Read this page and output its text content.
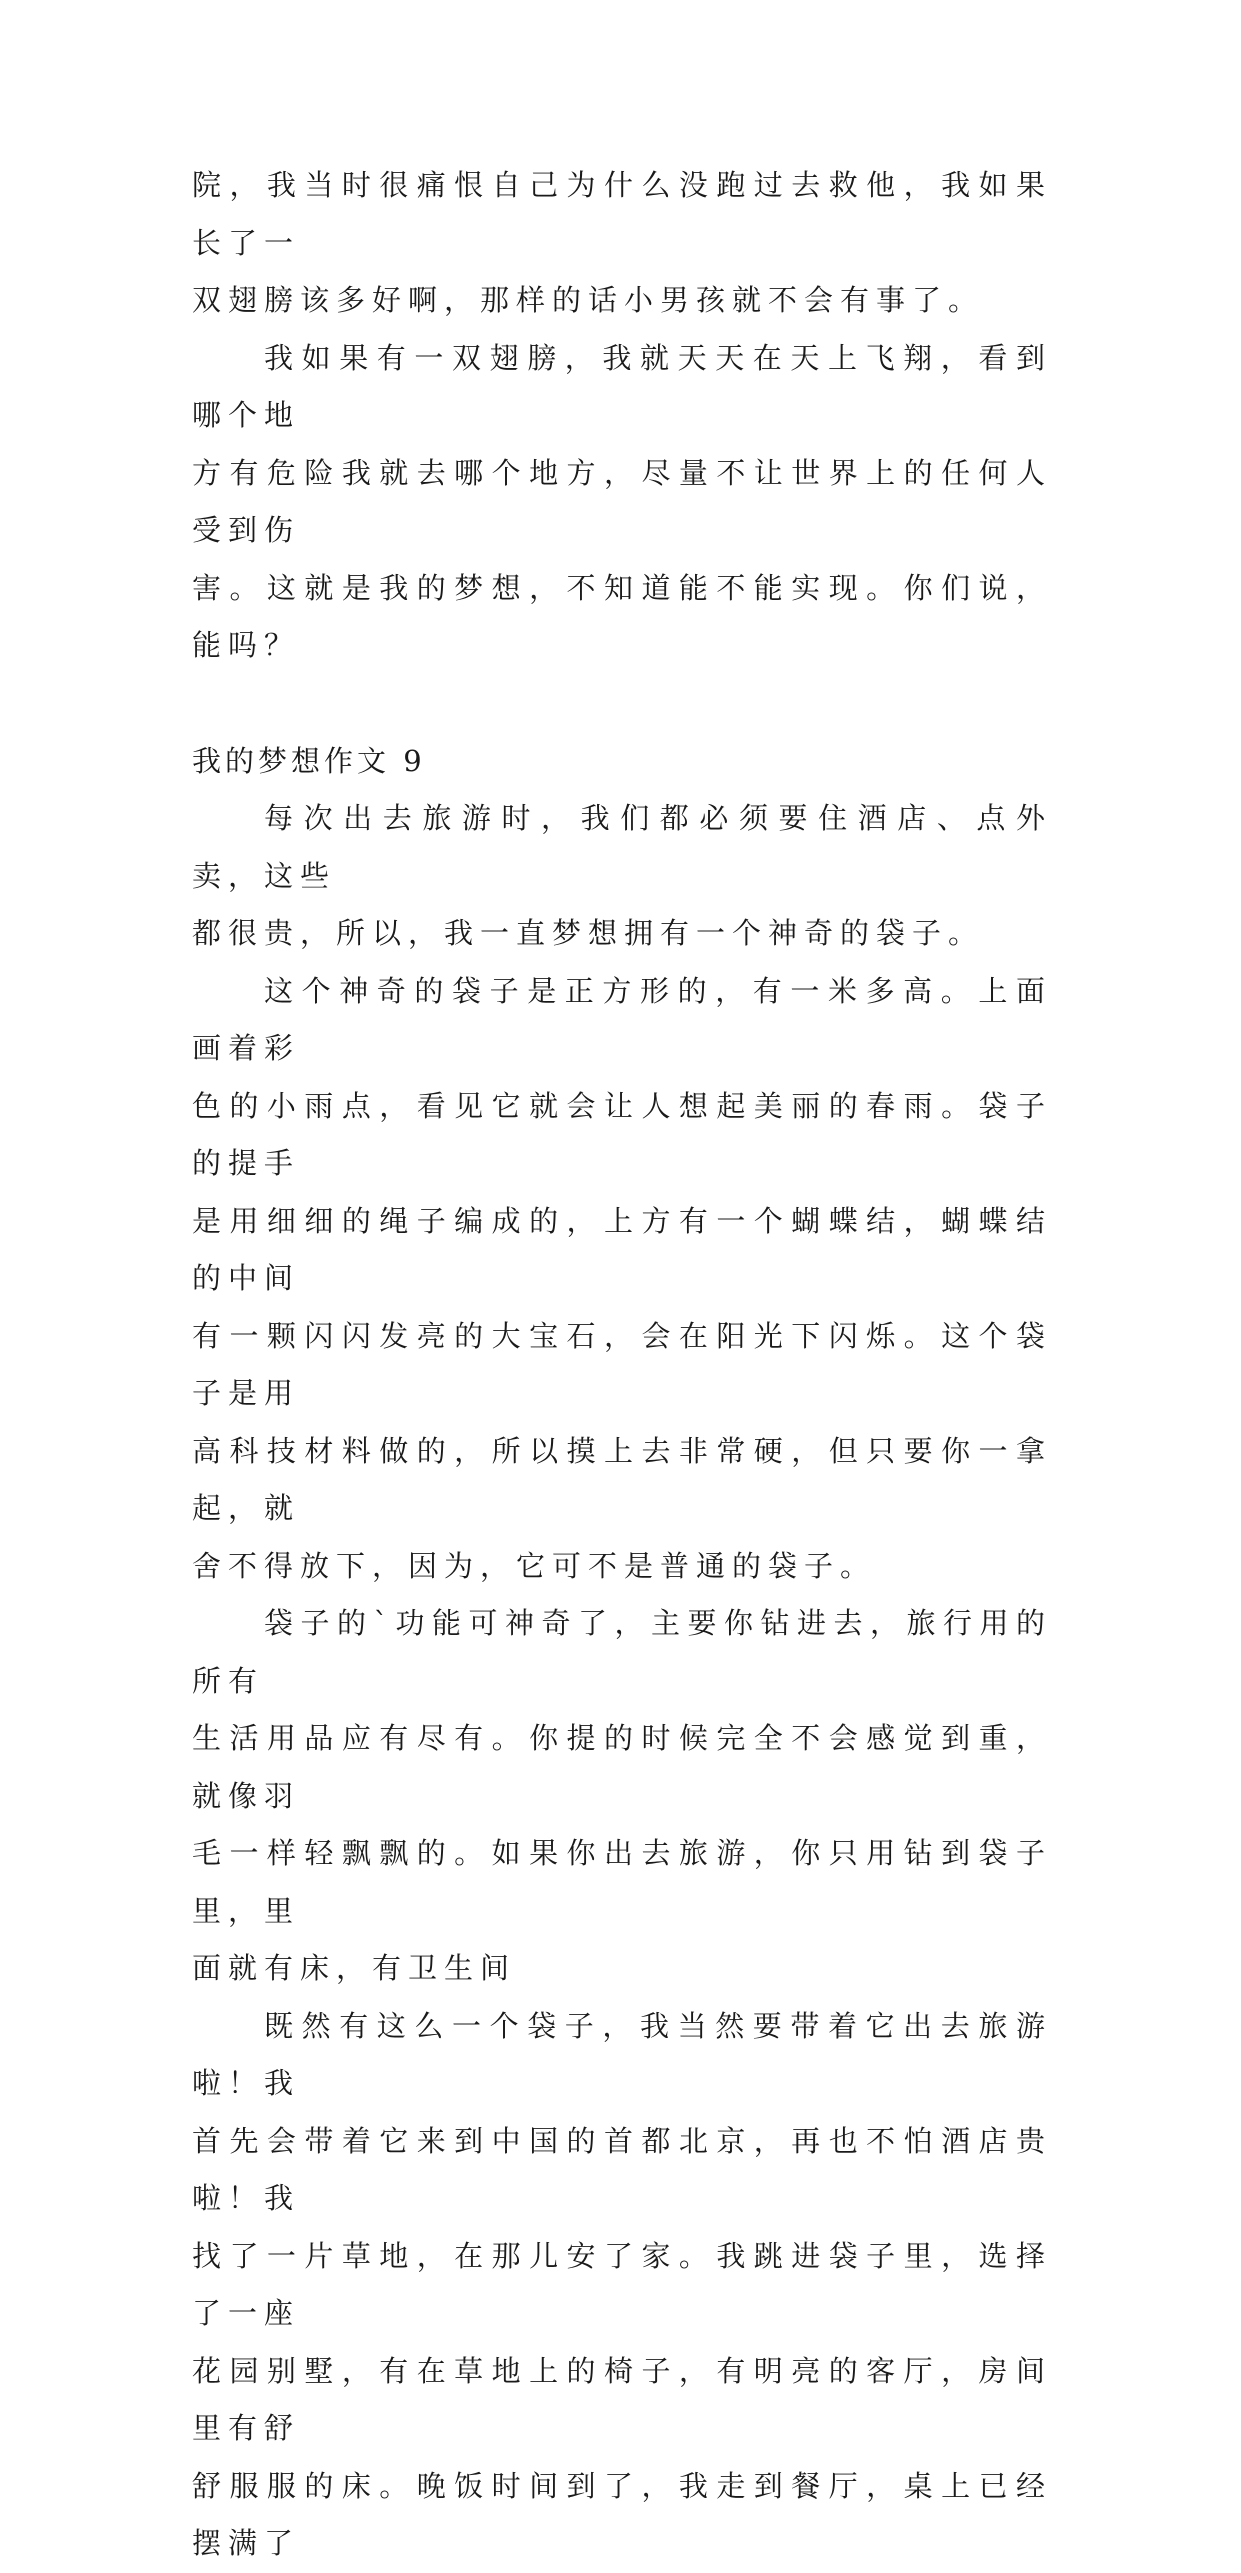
院，我当时很痛恨自己为什么没跑过去救他，我如果长了一
双翅膀该多好啊，那样的话小男孩就不会有事了。
我如果有一双翅膀，我就天天在天上飞翔，看到哪个地
方有危险我就去哪个地方，尽量不让世界上的任何人受到伤
害。这就是我的梦想，不知道能不能实现。你们说，能吗？
我的梦想作文 9
每次出去旅游时，我们都必须要住酒店、点外卖，这些
都很贵，所以，我一直梦想拥有一个神奇的袋子。
这个神奇的袋子是正方形的，有一米多高。上面画着彩
色的小雨点，看见它就会让人想起美丽的春雨。袋子的提手
是用细细的绳子编成的，上方有一个蝴蝶结，蝴蝶结的中间
有一颗闪闪发亮的大宝石，会在阳光下闪烁。这个袋子是用
高科技材料做的，所以摸上去非常硬，但只要你一拿起，就
舍不得放下，因为，它可不是普通的袋子。
袋子的`功能可神奇了，主要你钻进去，旅行用的所有
生活用品应有尽有。你提的时候完全不会感觉到重，就像羽
毛一样轻飘飘的。如果你出去旅游，你只用钻到袋子里，里
面就有床，有卫生间
既然有这么一个袋子，我当然要带着它出去旅游啦！我
首先会带着它来到中国的首都北京，再也不怕酒店贵啦！我
找了一片草地，在那儿安了家。我跳进袋子里，选择了一座
花园别墅，有在草地上的椅子，有明亮的客厅，房间里有舒
舒服服的床。晚饭时间到了，我走到餐厅，桌上已经摆满了
